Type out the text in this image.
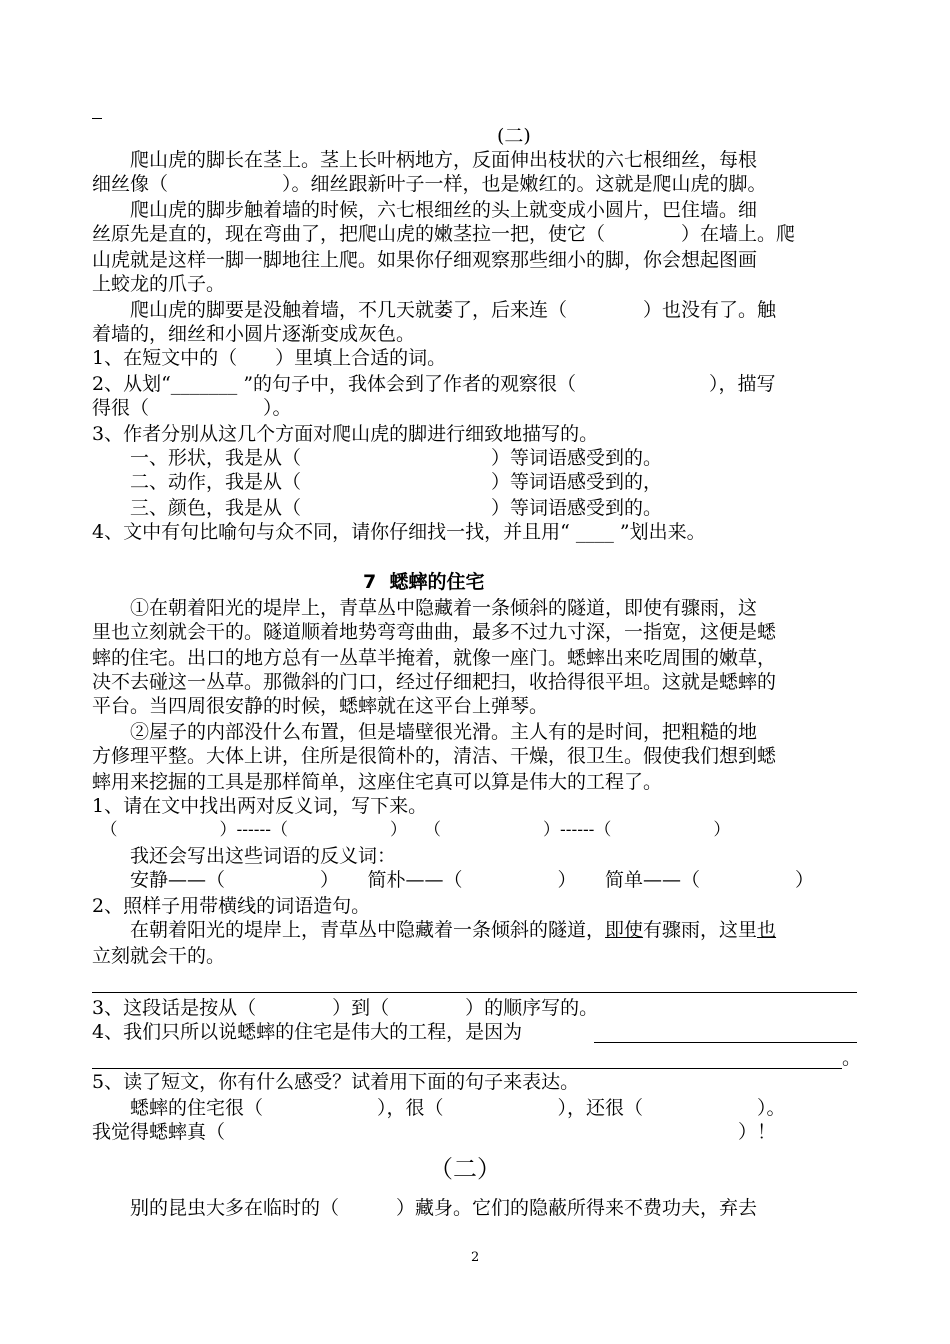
(二)
　　爬山虎的脚长在茎上。茎上长叶柄地方，反面伸出枝状的六七根细丝，每根
细丝像（　　　　　　）。细丝跟新叶子一样，也是嫩红的。这就是爬山虎的脚。
　　爬山虎的脚步触着墙的时候，六七根细丝的头上就变成小圆片，巴住墙。细
丝原先是直的，现在弯曲了，把爬山虎的嫩茎拉一把，使它（　　　　）在墙上。爬
山虎就是这样一脚一脚地往上爬。如果你仔细观察那些细小的脚，你会想起图画
上蛟龙的爪子。
　　爬山虎的脚要是没触着墙，不几天就萎了，后来连（　　　　）也没有了。触
着墙的，细丝和小圆片逐渐变成灰色。
1、在短文中的（　　）里填上合适的词。
2、从划“_______ ”的句子中，我体会到了作者的观察很（　　　　　　　），描写
得很（　　　　　　）。
3、作者分别从这几个方面对爬山虎的脚进行细致地描写的。
　　一、形状，我是从（　　　　　　　　　　）等词语感受到的。
　　二、动作，我是从（　　　　　　　　　　）等词语感受到的，
　　三、颜色，我是从（　　　　　　　　　　）等词语感受到的。
4、文中有句比喻句与众不同，请你仔细找一找，并且用“ ____ ”划出来。
7  蟋蟀的住宅
　　①在朝着阳光的堤岸上，青草丛中隐藏着一条倾斜的隧道，即使有骤雨，这
里也立刻就会干的。隧道顺着地势弯弯曲曲，最多不过九寸深，一指宽，这便是蟋
蟀的住宅。出口的地方总有一丛草半掩着，就像一座门。蟋蟀出来吃周围的嫩草，
决不去碰这一丛草。那微斜的门口，经过仔细耙扫，收拾得很平坦。这就是蟋蟀的
平台。当四周很安静的时候，蟋蟀就在这平台上弹琴。
　　②屋子的内部没什么布置，但是墙壁很光滑。主人有的是时间，把粗糙的地
方修理平整。大体上讲，住所是很简朴的，清洁、干燥，很卫生。假使我们想到蟋
蟀用来挖掘的工具是那样简单，这座住宅真可以算是伟大的工程了。
1、请在文中找出两对反义词，写下来。
　（　　　　　　）------（　　　　　　）　　（　　　　　　）------（　　　　　　）
　　我还会写出这些词语的反义词：
　　安静——（　　　　　）　　简朴——（　　　　　）　　简单——（　　　　　）
2、照样子用带横线的词语造句。
　　在朝着阳光的堤岸上，青草丛中隐藏着一条倾斜的隧道，即使有骤雨，这里也
立刻就会干的。
3、这段话是按从（　　　　）到（　　　　）的顺序写的。
4、我们只所以说蟋蟀的住宅是伟大的工程，是因为
。
5、读了短文，你有什么感受？试着用下面的句子来表达。
　　蟋蟀的住宅很（　　　　　　），很（　　　　　　），还很（　　　　　　）。
我觉得蟋蟀真（　　　　　　　　　　　　　　　　　　　　　　　　　　　）！
（二）
　　别的昆虫大多在临时的（　　　）藏身。它们的隐蔽所得来不费功夫，弃去
2
